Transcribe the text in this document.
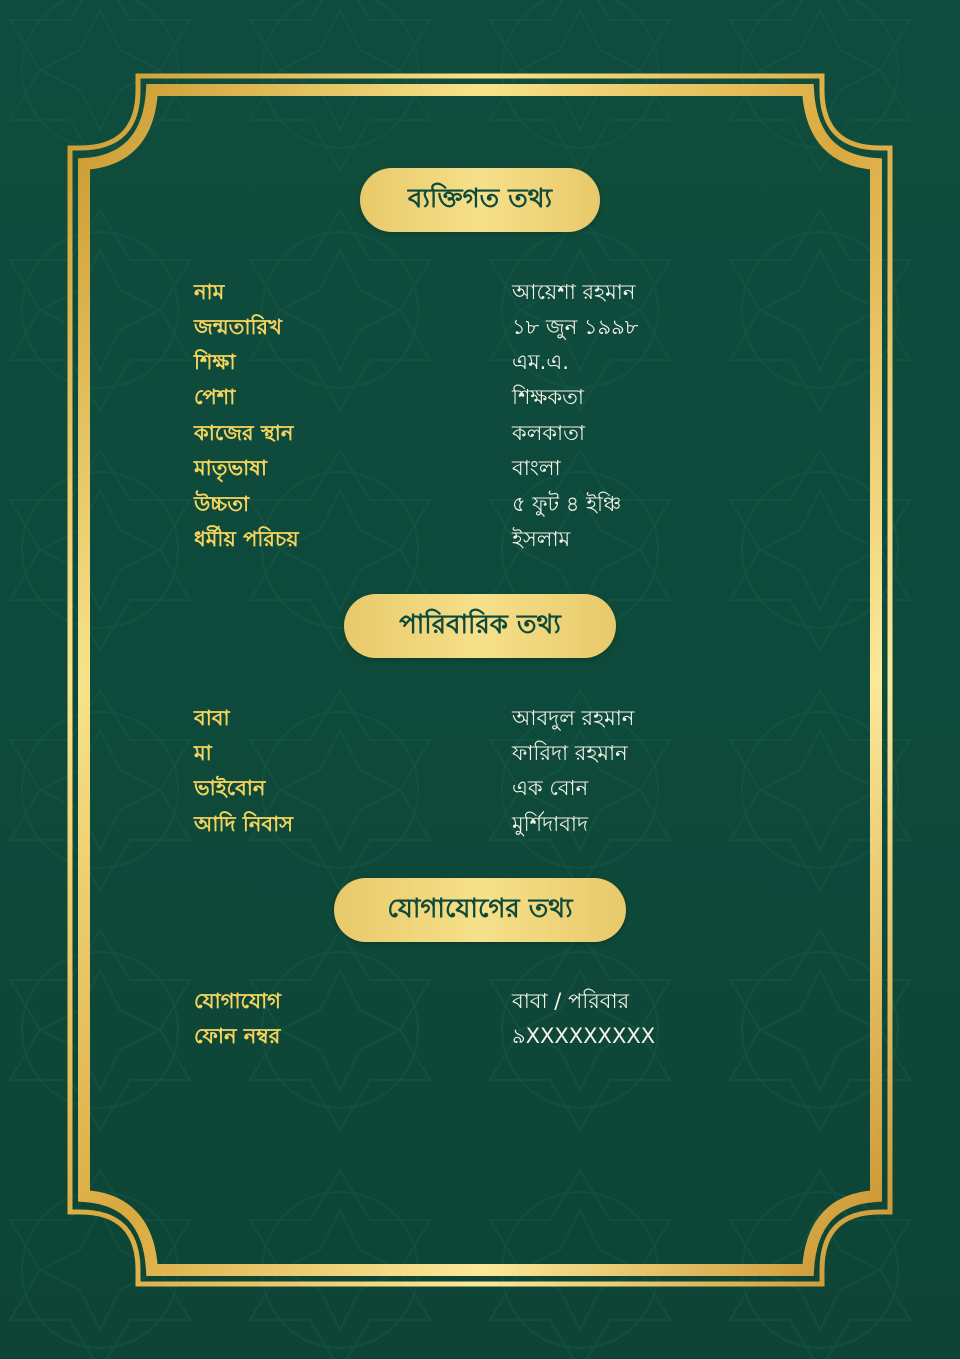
ব্যক্তিগত তথ্য
নাম	আয়েশা রহমান
জন্মতারিখ	১৮ জুন ১৯৯৮
শিক্ষা	এম.এ.
পেশা	শিক্ষকতা
কাজের স্থান	কলকাতা
মাতৃভাষা	বাংলা
উচ্চতা	৫ ফুট ৪ ইঞ্চি
ধর্মীয় পরিচয়	ইসলাম
পারিবারিক তথ্য
বাবা	আবদুল রহমান
মা	ফারিদা রহমান
ভাইবোন	এক বোন
আদি নিবাস	মুর্শিদাবাদ
যোগাযোগের তথ্য
যোগাযোগ	বাবা / পরিবার
ফোন নম্বর	৯XXXXXXXXX
